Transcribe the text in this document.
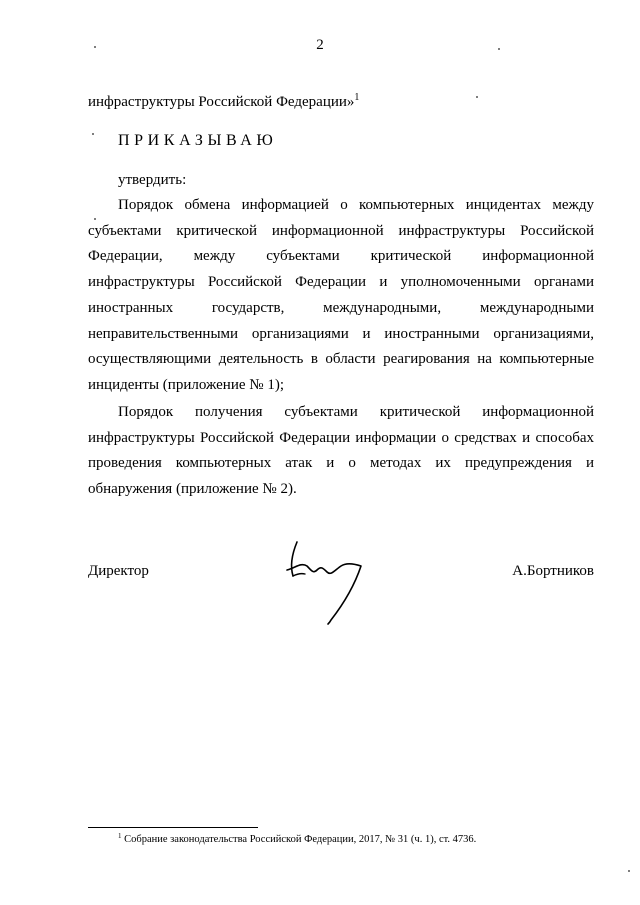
2
инфраструктуры Российской Федерации»$^1$
ПРИКАЗЫВАЮ
утвердить:

Порядок обмена информацией о компьютерных инцидентах между субъектами критической информационной инфраструктуры Российской Федерации, между субъектами критической информационной инфраструктуры Российской Федерации и уполномоченными органами иностранных государств, международными, международными неправительственными организациями и иностранными организациями, осуществляющими деятельность в области реагирования на компьютерные инциденты (приложение № 1);

Порядок получения субъектами критической информационной инфраструктуры Российской Федерации информации о средствах и способах проведения компьютерных атак и о методах их предупреждения и обнаружения (приложение № 2).

Директор	А.Бортников
$^1$ Собрание законодательства Российской Федерации, 2017, № 31 (ч. 1), ст. 4736.
